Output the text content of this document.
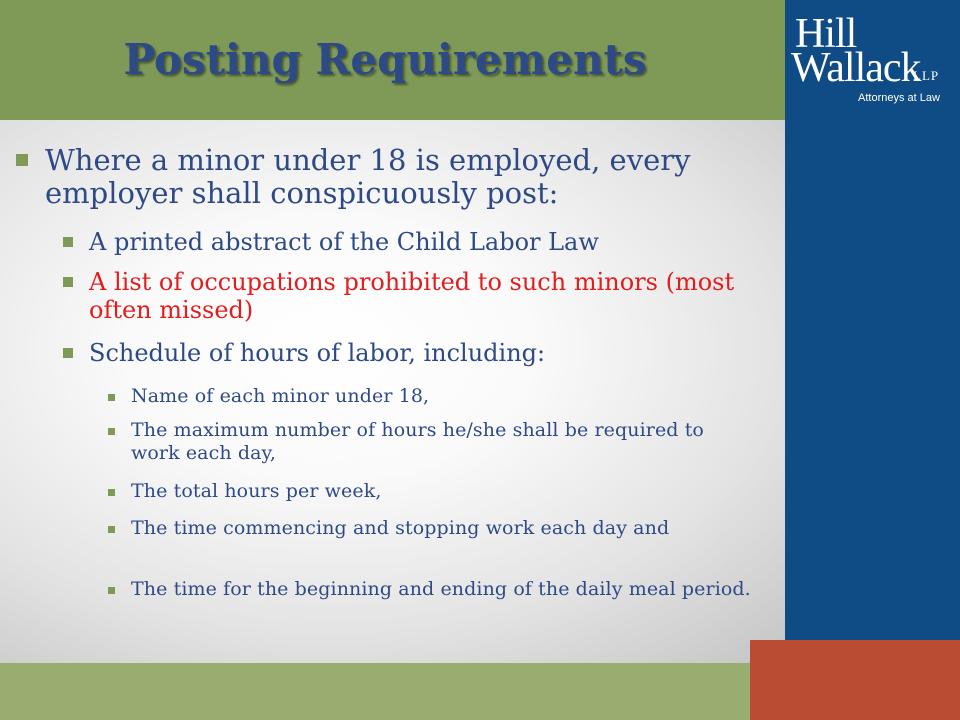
Posting Requirements
Hill
Wallack
LLP
Attorneys at Law

Where a minor under 18 is employed, every employer shall conspicuously post:

A printed abstract of the Child Labor Law

A list of occupations prohibited to such minors (most often missed)

Schedule of hours of labor, including:

Name of each minor under 18,

The maximum number of hours he/she shall be required to work each day,

The total hours per week,

The time commencing and stopping work each day and

The time for the beginning and ending of the daily meal period.
